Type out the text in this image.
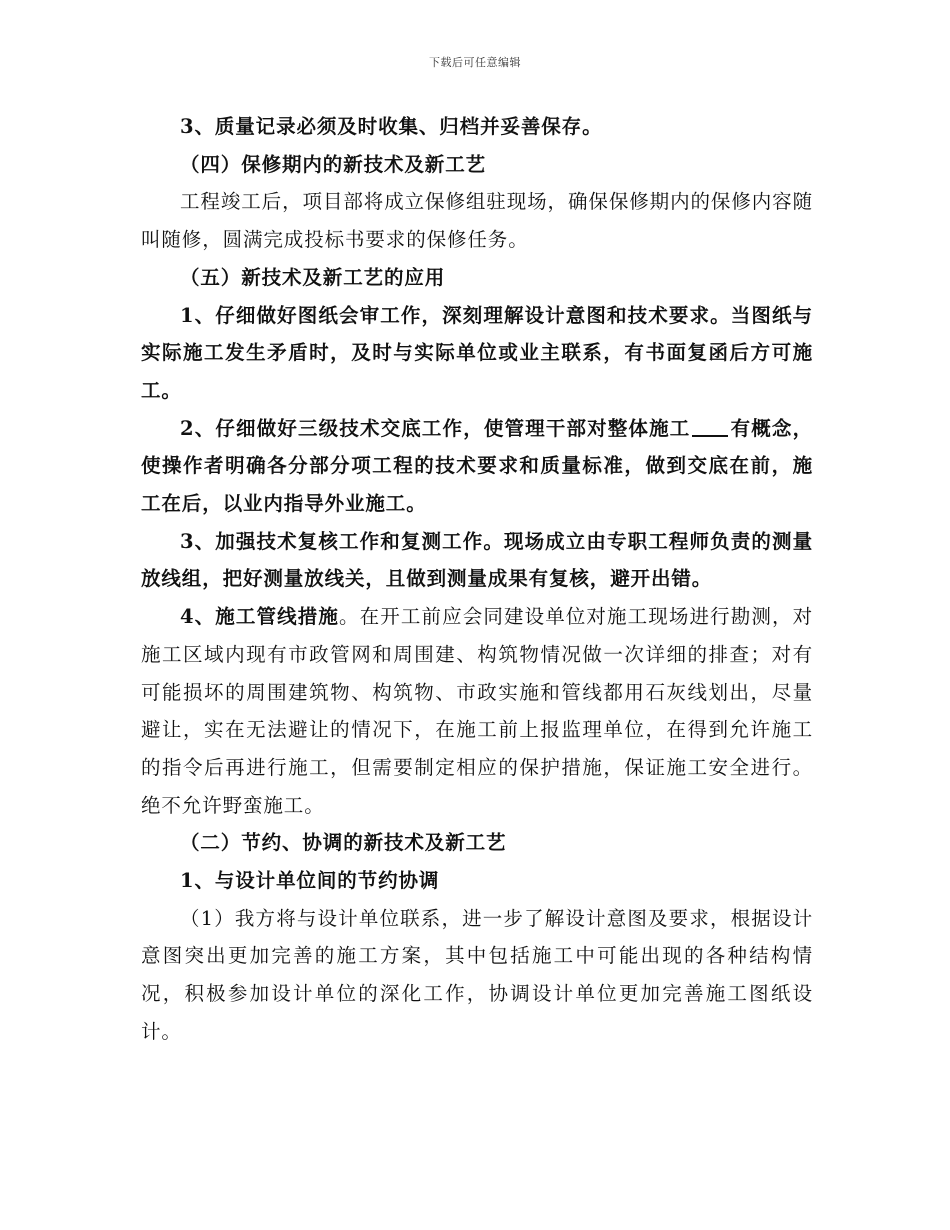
下载后可任意编辑

3、质量记录必须及时收集、归档并妥善保存。

（四）保修期内的新技术及新工艺

工程竣工后，项目部将成立保修组驻现场，确保保修期内的保修内容随叫随修，圆满完成投标书要求的保修任务。

（五）新技术及新工艺的应用

1、仔细做好图纸会审工作，深刻理解设计意图和技术要求。当图纸与实际施工发生矛盾时，及时与实际单位或业主联系，有书面复函后方可施工。

2、仔细做好三级技术交底工作，使管理干部对整体施工 有概念，使操作者明确各分部分项工程的技术要求和质量标准，做到交底在前，施工在后，以业内指导外业施工。

3、加强技术复核工作和复测工作。现场成立由专职工程师负责的测量放线组，把好测量放线关，且做到测量成果有复核，避开出错。

4、施工管线措施。在开工前应会同建设单位对施工现场进行勘测，对施工区域内现有市政管网和周围建、构筑物情况做一次详细的排查；对有可能损坏的周围建筑物、构筑物、市政实施和管线都用石灰线划出，尽量避让，实在无法避让的情况下，在施工前上报监理单位，在得到允许施工的指令后再进行施工，但需要制定相应的保护措施，保证施工安全进行。绝不允许野蛮施工。

（二）节约、协调的新技术及新工艺

1、与设计单位间的节约协调

（1）我方将与设计单位联系，进一步了解设计意图及要求，根据设计意图突出更加完善的施工方案，其中包括施工中可能出现的各种结构情况，积极参加设计单位的深化工作，协调设计单位更加完善施工图纸设计。
